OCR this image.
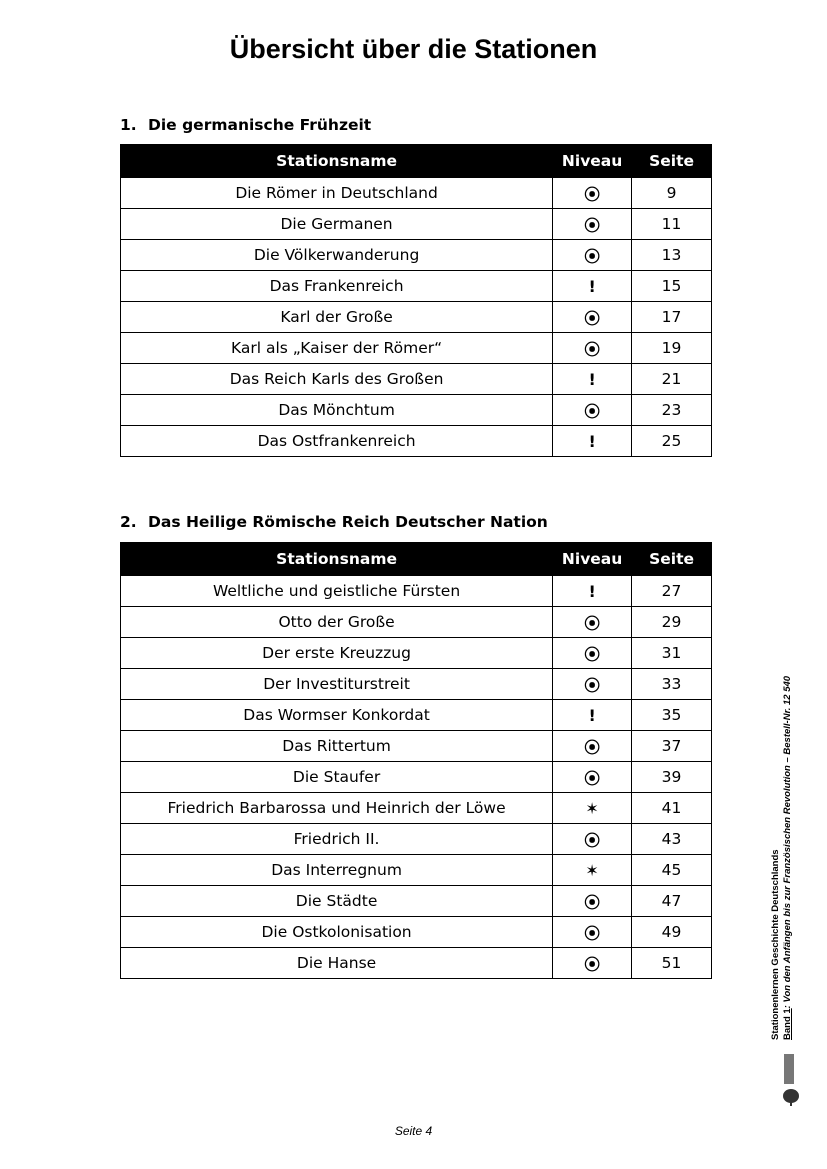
Übersicht über die Stationen
1. Die germanische Frühzeit
Stationsname	Niveau	Seite
Die Römer in Deutschland	⦿	9
Die Germanen	⦿	11
Die Völkerwanderung	⦿	13
Das Frankenreich	!	15
Karl der Große	⦿	17
Karl als „Kaiser der Römer“	⦿	19
Das Reich Karls des Großen	!	21
Das Mönchtum	⦿	23
Das Ostfrankenreich	!	25
2. Das Heilige Römische Reich Deutscher Nation
Stationsname	Niveau	Seite
Weltliche und geistliche Fürsten	!	27
Otto der Große	⦿	29
Der erste Kreuzzug	⦿	31
Der Investiturstreit	⦿	33
Das Wormser Konkordat	!	35
Das Rittertum	⦿	37
Die Staufer	⦿	39
Friedrich Barbarossa und Heinrich der Löwe	✶	41
Friedrich II.	⦿	43
Das Interregnum	✶	45
Die Städte	⦿	47
Die Ostkolonisation	⦿	49
Die Hanse	⦿	51	Stationenlernen Geschichte Deutschlands Band 1: Von den Anfängen bis zur Französischen Revolution – Bestell-Nr. 12 540
Seite 4
